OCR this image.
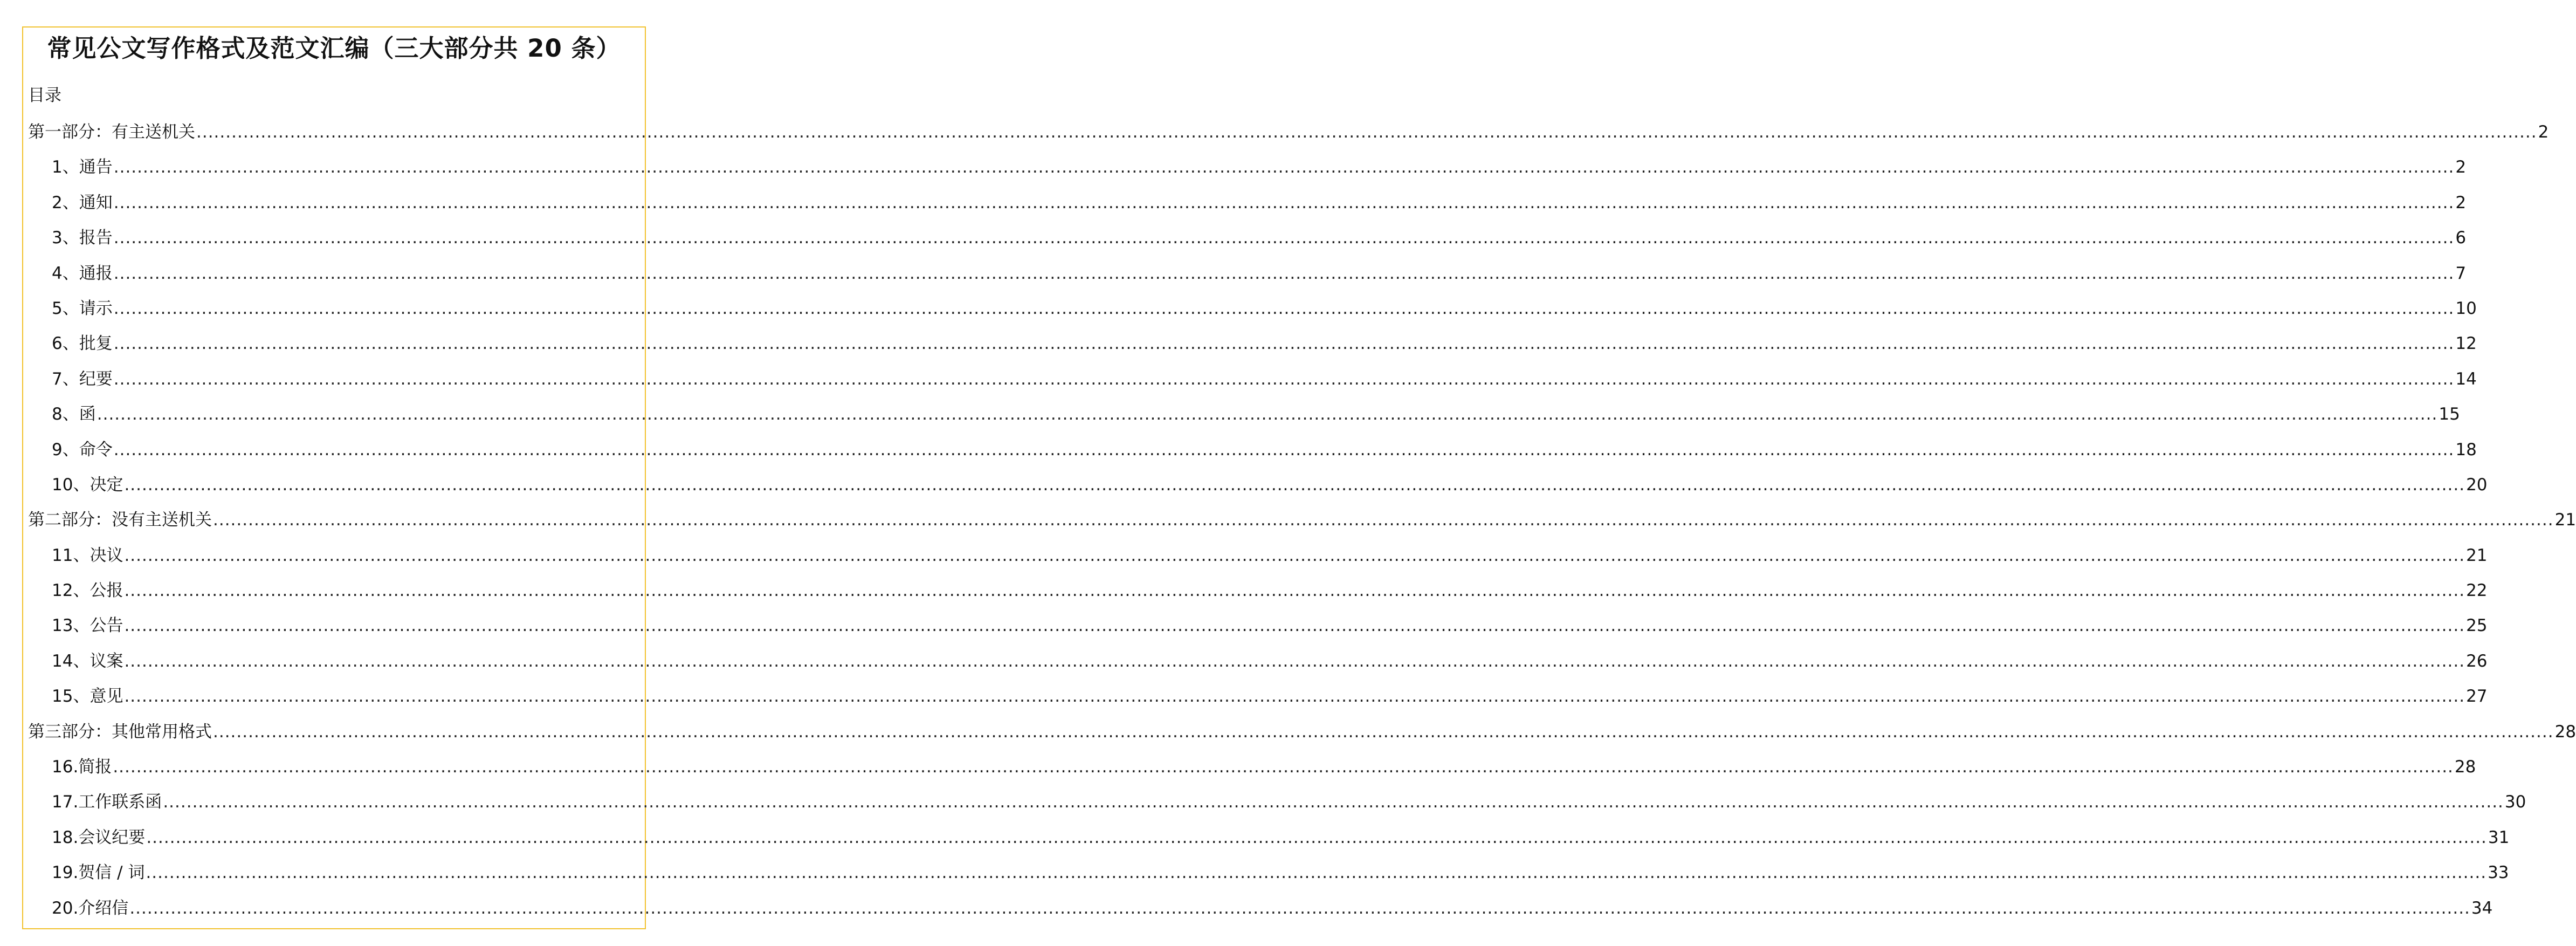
常见公文写作格式及范文汇编（三大部分共 20 条）
目录
第一部分：有主送机关 ................................................................................................................................................................................................................................................................................................................................................................................................................ 2
1、通告 ................................................................................................................................................................................................................................................................................................................................................................................................................ 2
2、通知 ................................................................................................................................................................................................................................................................................................................................................................................................................ 2
3、报告 ................................................................................................................................................................................................................................................................................................................................................................................................................ 6
4、通报 ................................................................................................................................................................................................................................................................................................................................................................................................................ 7
5、请示 ................................................................................................................................................................................................................................................................................................................................................................................................................ 10
6、批复 ................................................................................................................................................................................................................................................................................................................................................................................................................ 12
7、纪要 ................................................................................................................................................................................................................................................................................................................................................................................................................ 14
8、函 ................................................................................................................................................................................................................................................................................................................................................................................................................ 15
9、命令 ................................................................................................................................................................................................................................................................................................................................................................................................................ 18
10、决定 ................................................................................................................................................................................................................................................................................................................................................................................................................ 20
第二部分：没有主送机关 ................................................................................................................................................................................................................................................................................................................................................................................................................ 21
11、决议 ................................................................................................................................................................................................................................................................................................................................................................................................................ 21
12、公报 ................................................................................................................................................................................................................................................................................................................................................................................................................ 22
13、公告 ................................................................................................................................................................................................................................................................................................................................................................................................................ 25
14、议案 ................................................................................................................................................................................................................................................................................................................................................................................................................ 26
15、意见 ................................................................................................................................................................................................................................................................................................................................................................................................................ 27
第三部分：其他常用格式 ................................................................................................................................................................................................................................................................................................................................................................................................................ 28
16.简报 ................................................................................................................................................................................................................................................................................................................................................................................................................ 28
17.工作联系函 ................................................................................................................................................................................................................................................................................................................................................................................................................ 30
18.会议纪要 ................................................................................................................................................................................................................................................................................................................................................................................................................ 31
19.贺信 / 词 ................................................................................................................................................................................................................................................................................................................................................................................................................ 33
20.介绍信 ................................................................................................................................................................................................................................................................................................................................................................................................................ 34
